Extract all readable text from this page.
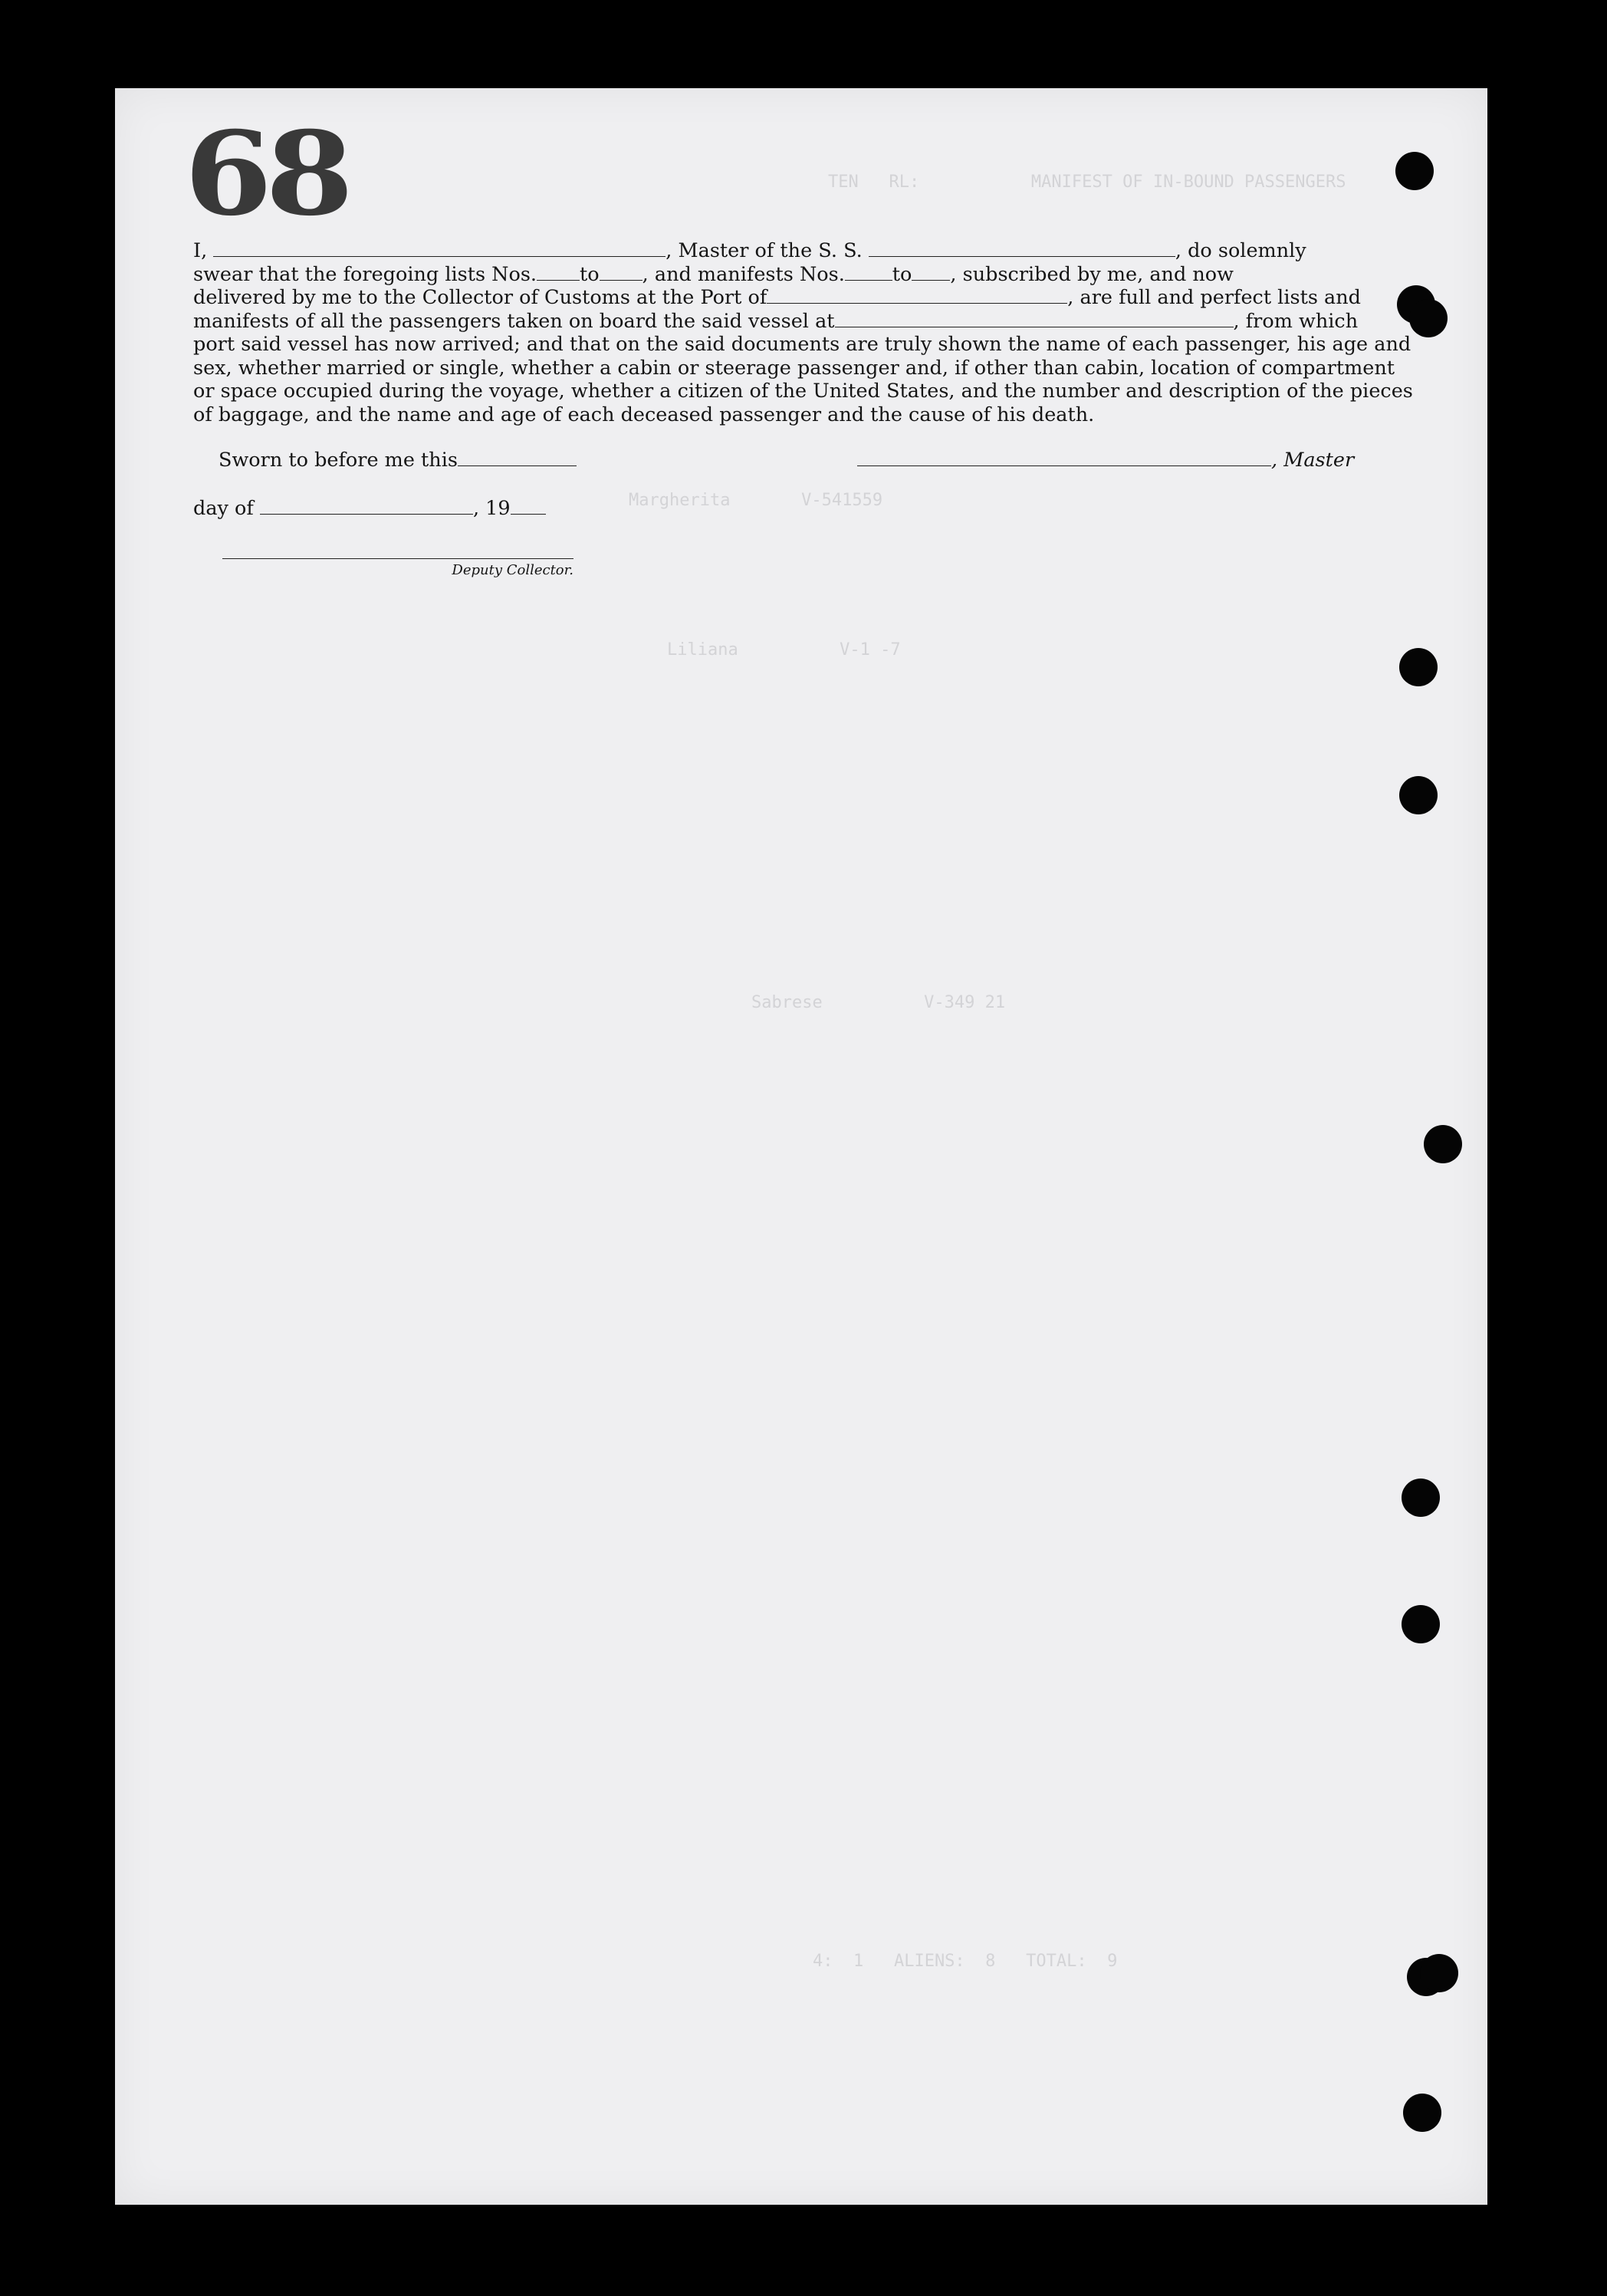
TEN   RL:           MANIFEST OF IN-BOUND PASSENGERS
Margherita       V-541559
Liliana          V-1 -7
Sabrese          V-349 21
4:  1   ALIENS:  8   TOTAL:  9
68
I,	, Master of the S. S.	, do solemnly
swear that the foregoing lists Nos. to , and manifests Nos. to , subscribed by me, and now
delivered by me to the Collector of Customs at the Port of	, are full and perfect lists and
manifests of all the passengers taken on board the said vessel at	, from which
port said vessel has now arrived; and that on the said documents are truly shown the name of each passenger, his age and
sex, whether married or single, whether a cabin or steerage passenger and, if other than cabin, location of compartment
or space occupied during the voyage, whether a citizen of the United States, and the number and description of the pieces
of baggage, and the name and age of each deceased passenger and the cause of his death.
Sworn to before me this	, Master
day of	, 19
Deputy Collector.
